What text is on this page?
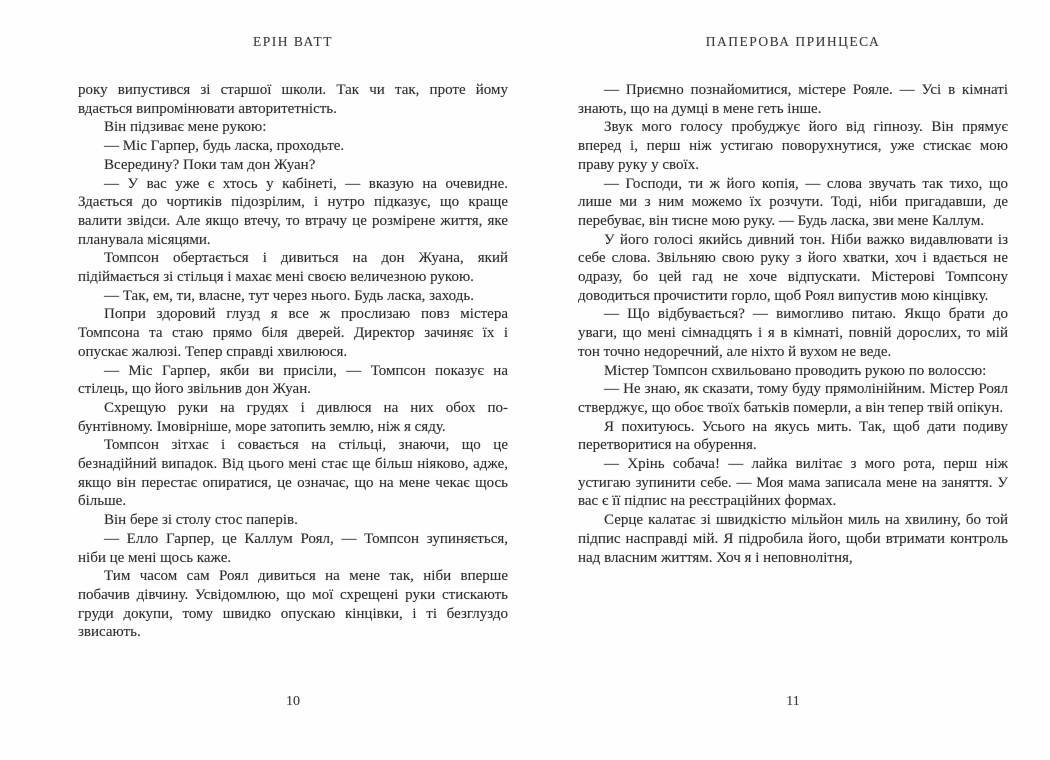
ЕРІН ВАТТ

року випустився зі старшої школи. Так чи так, проте йому вдається випромінювати авторитетність.

Він підзиває мене рукою:

— Міс Гарпер, будь ласка, проходьте.

Всередину? Поки там дон Жуан?

— У вас уже є хтось у кабінеті, — вказую на очевидне. Здається до чортиків підозрілим, і нутро підказує, що краще валити звідси. Але якщо втечу, то втрачу це розмірене життя, яке планувала місяцями.

Томпсон обертається і дивиться на дон Жуана, який підіймається зі стільця і махає мені своєю величезною рукою.

— Так, ем, ти, власне, тут через нього. Будь ласка, заходь.

Попри здоровий глузд я все ж прослизаю повз містера Томпсона та стаю прямо біля дверей. Директор зачиняє їх і опускає жалюзі. Тепер справді хвилююся.

— Міс Гарпер, якби ви присіли, — Томпсон показує на стілець, що його звільнив дон Жуан.

Схрещую руки на грудях і дивлюся на них обох по-бунтівному. Імовірніше, море затопить землю, ніж я сяду.

Томпсон зітхає і совається на стільці, знаючи, що це безнадійний випадок. Від цього мені стає ще більш ніяково, адже, якщо він перестає опиратися, це означає, що на мене чекає щось більше.

Він бере зі столу стос паперів.

— Елло Гарпер, це Каллум Роял, — Томпсон зупиняється, ніби це мені щось каже.

Тим часом сам Роял дивиться на мене так, ніби вперше побачив дівчину. Усвідомлюю, що мої схрещені руки стискають груди докупи, тому швидко опускаю кінцівки, і ті безглуздо звисають.

10
ПАПЕРОВА ПРИНЦЕСА

— Приємно познайомитися, містере Рояле. — Усі в кімнаті знають, що на думці в мене геть інше.

Звук мого голосу пробуджує його від гіпнозу. Він прямує вперед і, перш ніж устигаю поворухнутися, уже стискає мою праву руку у своїх.

— Господи, ти ж його копія, — слова звучать так тихо, що лише ми з ним можемо їх розчути. Тоді, ніби пригадавши, де перебуває, він тисне мою руку. — Будь ласка, зви мене Каллум.

У його голосі якийсь дивний тон. Ніби важко видавлювати із себе слова. Звільняю свою руку з його хватки, хоч і вдається не одразу, бо цей гад не хоче відпускати. Містерові Томпсону доводиться прочистити горло, щоб Роял випустив мою кінцівку.

— Що відбувається? — вимогливо питаю. Якщо брати до уваги, що мені сімнадцять і я в кімнаті, повній дорослих, то мій тон точно недоречний, але ніхто й вухом не веде.

Містер Томпсон схвильовано проводить рукою по волоссю:

— Не знаю, як сказати, тому буду прямолінійним. Містер Роял стверджує, що обоє твоїх батьків померли, а він тепер твій опікун.

Я похитуюсь. Усього на якусь мить. Так, щоб дати подиву перетворитися на обурення.

— Хрінь собача! — лайка вилітає з мого рота, перш ніж устигаю зупинити себе. — Моя мама записала мене на заняття. У вас є її підпис на реєстраційних формах.

Серце калатає зі швидкістю мільйон миль на хвилину, бо той підпис насправді мій. Я підробила його, щоби втримати контроль над власним життям. Хоч я і неповнолітня,

11
